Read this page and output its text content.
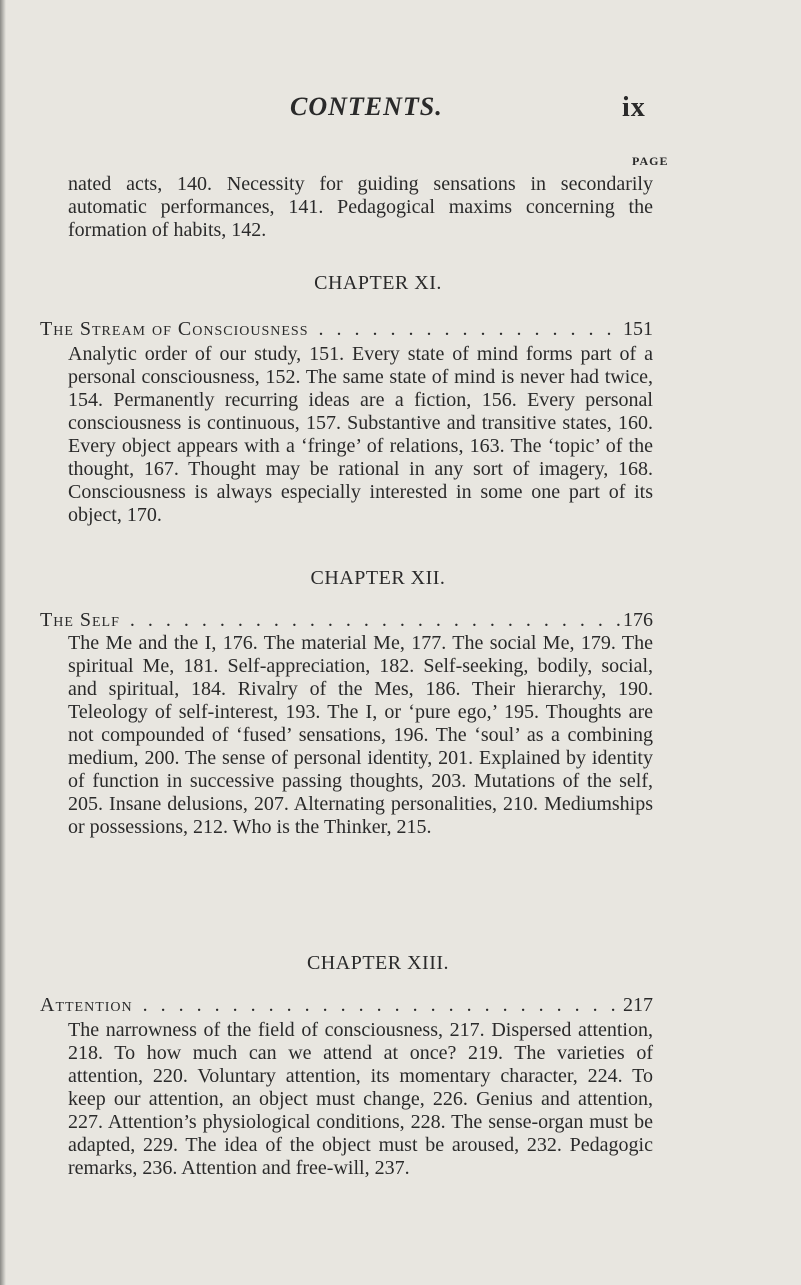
CONTENTS.	ix
PAGE
nated acts, 140. Necessity for guiding sensations in secondarily automatic performances, 141. Pedagogical maxims concerning the formation of habits, 142.
CHAPTER XI.
The Stream of Consciousness . . .	151
Analytic order of our study, 151. Every state of mind forms part of a personal consciousness, 152. The same state of mind is never had twice, 154. Permanently recurring ideas are a fiction, 156. Every personal consciousness is continuous, 157. Substantive and transitive states, 160. Every object appears with a ‘fringe’ of relations, 163. The ‘topic’ of the thought, 167. Thought may be rational in any sort of imagery, 168. Consciousness is always especially interested in some one part of its object, 170.
CHAPTER XII.
The Self . . .	176
The Me and the I, 176. The material Me, 177. The social Me, 179. The spiritual Me, 181. Self-appreciation, 182. Self-seeking, bodily, social, and spiritual, 184. Rivalry of the Mes, 186. Their hierarchy, 190. Teleology of self-interest, 193. The I, or ‘pure ego,’ 195. Thoughts are not compounded of ‘fused’ sensations, 196. The ‘soul’ as a combining medium, 200. The sense of personal identity, 201. Explained by identity of function in successive passing thoughts, 203. Mutations of the self, 205. Insane delusions, 207. Alternating personalities, 210. Mediumships or possessions, 212. Who is the Thinker, 215.
CHAPTER XIII.
Attention . . .	217
The narrowness of the field of consciousness, 217. Dispersed attention, 218. To how much can we attend at once? 219. The varieties of attention, 220. Voluntary attention, its momentary character, 224. To keep our attention, an object must change, 226. Genius and attention, 227. Attention’s physiological conditions, 228. The sense-organ must be adapted, 229. The idea of the object must be aroused, 232. Pedagogic remarks, 236. Attention and free-will, 237.
